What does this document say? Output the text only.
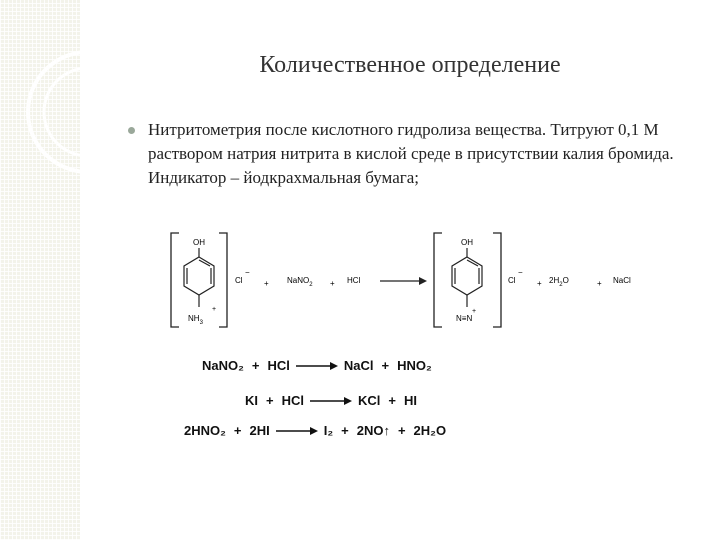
Количественное определение
Нитритометрия после кислотного гидролиза вещества. Титруют 0,1 М раствором натрия нитрита в кислой среде в присутствии калия бромида. Индикатор – йодкрахмальная бумага;
OH
$NH_3$
+
Cl
−
+ NaNO$_2$ + HCl
OH
N≡N
+
Cl
−
+ $2H_2O$	+ NaCl
NaNO₂ + HCl	NaCl + HNO₂
KI + HCl	KCl + HI
2HNO₂ + 2HI	I₂ + 2NO↑ + 2H₂O
